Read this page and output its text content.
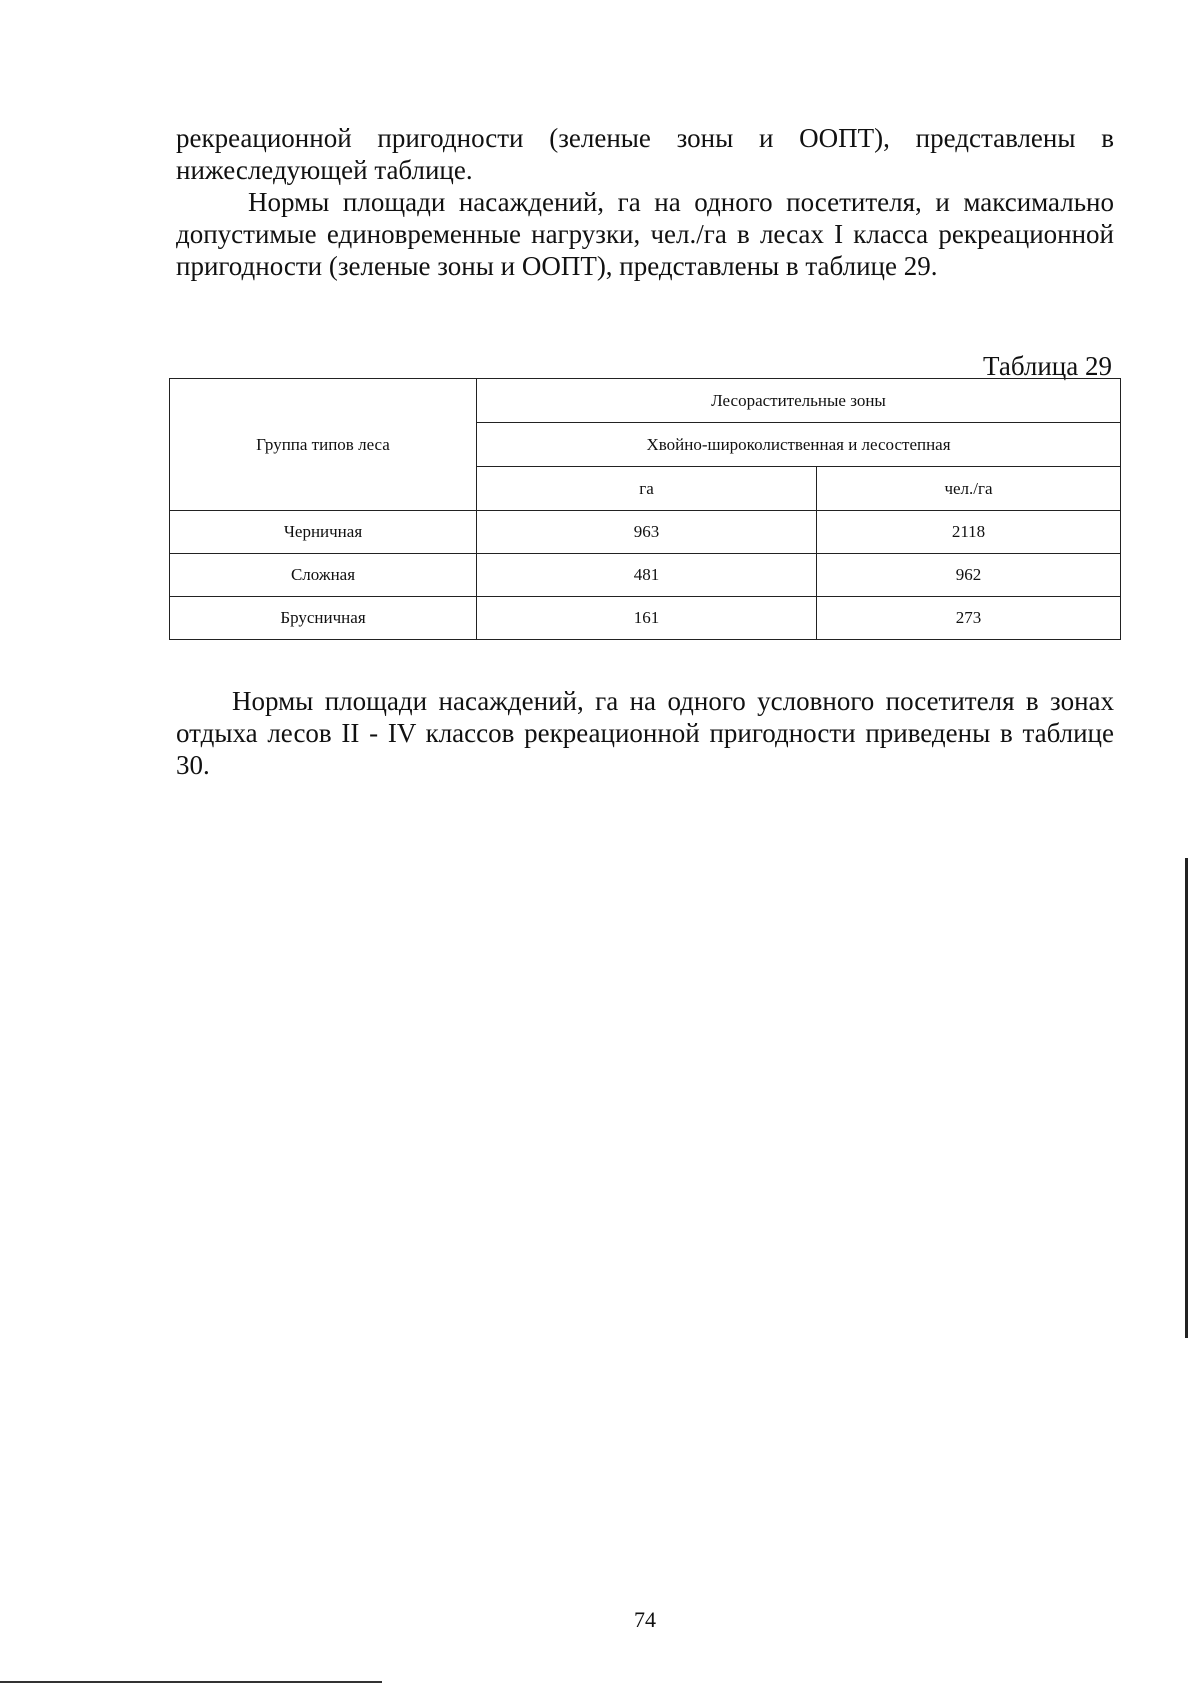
рекреационной пригодности (зеленые зоны и ООПТ), представлены в нижеследующей таблице.

Нормы площади насаждений, га на одного посетителя, и максимально допустимые единовременные нагрузки, чел./га в лесах I класса рекреационной пригодности (зеленые зоны и ООПТ), представлены в таблице 29.

Таблица 29
Группа типов леса	Лесорастительные зоны	
	Хвойно-широколиственная и лесостепная	
	га	чел./га
Черничная	963	2118
Сложная	481	962
Брусничная	161	273

Нормы площади насаждений, га на одного условного посетителя в зонах отдыха лесов II - IV классов рекреационной пригодности приведены в таблице 30.

74
